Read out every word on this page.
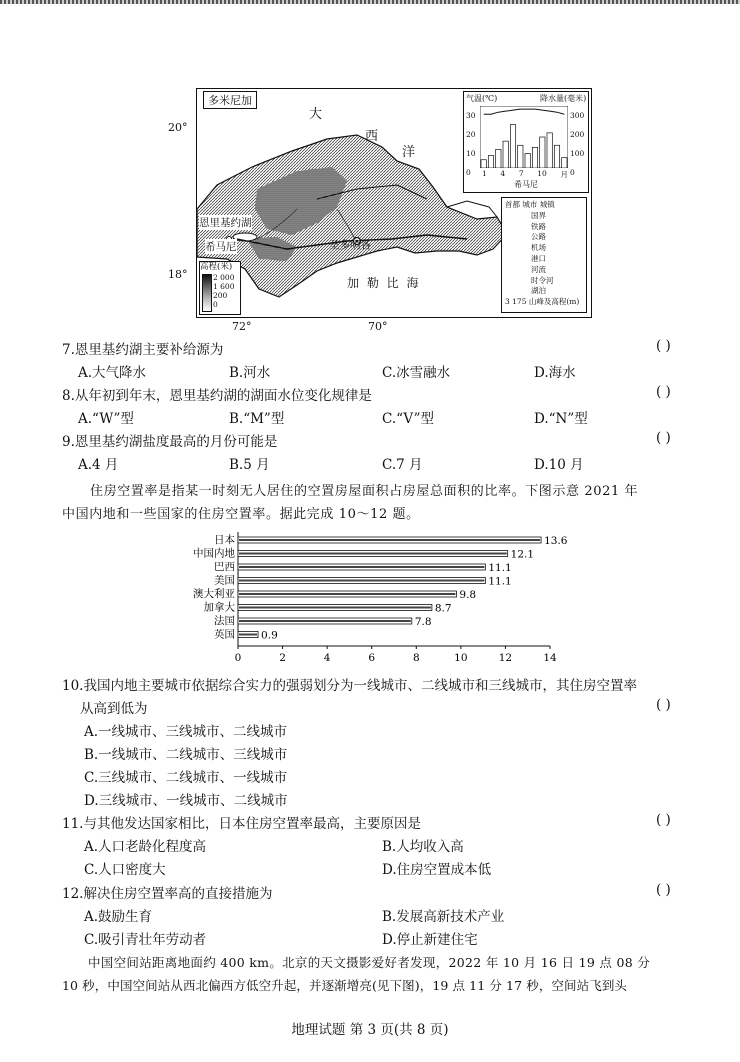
20°
18°
72°	70°
多米尼加
大
西
洋
加 勒 比 海
恩里基约湖
希马尼	圣多明各
高程(米)
2 000
1 600
200
0
气温(℃)	降水量(毫米)
30
20
10
0
300
200
100
0
1 4 7 10 月
希马尼
首都 城市 城镇
国界
铁路
公路
机场
港口
河流
时令河
湖泊
3 175 山峰及高程(m)
7.恩里基约湖主要补给源为	( )
A.大气降水	B.河水	C.冰雪融水	D.海水
8.从年初到年末，恩里基约湖的湖面水位变化规律是	( )
A.“W”型	B.“M”型	C.“V”型	D.“N”型
9.恩里基约湖盐度最高的月份可能是	( )
A.4 月	B.5 月	C.7 月	D.10 月
住房空置率是指某一时刻无人居住的空置房屋面积占房屋总面积的比率。下图示意 2021 年
中国内地和一些国家的住房空置率。据此完成 10～12 题。
0	2	4	6	8	10	12	14
日本	13.6
中国内地	12.1
巴西	11.1
美国	11.1
澳大利亚	9.8
加拿大	8.7
法国	7.8
英国 0.9
10.我国内地主要城市依据综合实力的强弱划分为一线城市、二线城市和三线城市，其住房空置率
从高到低为	( )
A.一线城市、三线城市、二线城市
B.一线城市、二线城市、三线城市
C.三线城市、二线城市、一线城市
D.三线城市、一线城市、二线城市
11.与其他发达国家相比，日本住房空置率最高，主要原因是	( )
A.人口老龄化程度高	B.人均收入高
C.人口密度大	D.住房空置成本低
12.解决住房空置率高的直接措施为	( )
A.鼓励生育	B.发展高新技术产业
C.吸引青壮年劳动者	D.停止新建住宅
中国空间站距离地面约 400 km。北京的天文摄影爱好者发现，2022 年 10 月 16 日 19 点 08 分
10 秒，中国空间站从西北偏西方低空升起，并逐渐增亮(见下图)，19 点 11 分 17 秒，空间站飞到头
地理试题 第 3 页(共 8 页)
